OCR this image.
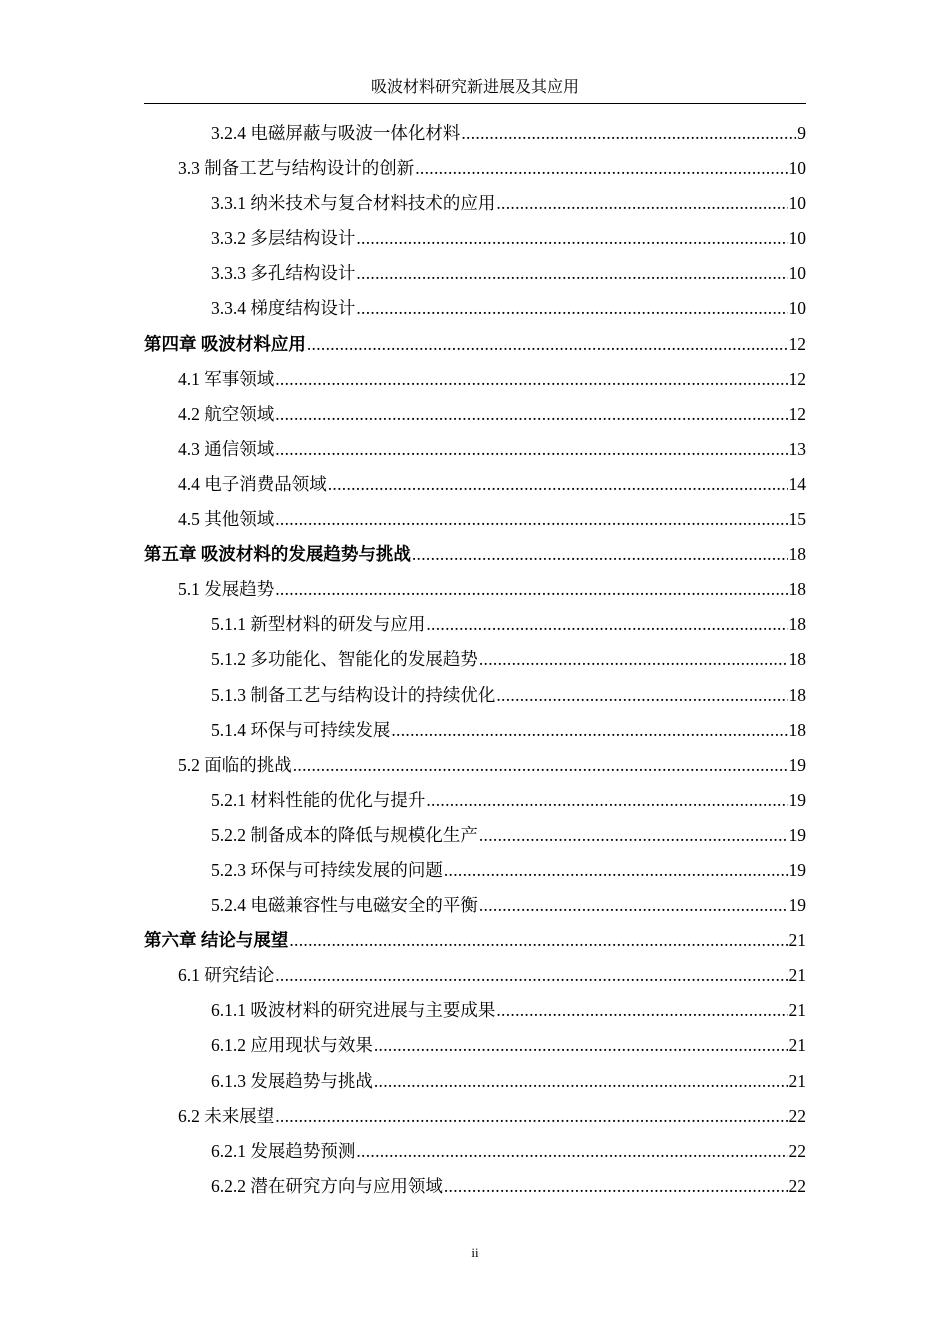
吸波材料研究新进展及其应用
3.2.4 电磁屏蔽与吸波一体化材料 .....	9
3.3 制备工艺与结构设计的创新 .....	10
3.3.1 纳米技术与复合材料技术的应用 .....	10
3.3.2 多层结构设计 .....	10
3.3.3 多孔结构设计 .....	10
3.3.4 梯度结构设计 .....	10
第四章 吸波材料应用 .....	12
4.1 军事领域 .....	12
4.2 航空领域 .....	12
4.3 通信领域 .....	13
4.4 电子消费品领域 .....	14
4.5 其他领域 .....	15
第五章 吸波材料的发展趋势与挑战 .....	18
5.1 发展趋势 .....	18
5.1.1 新型材料的研发与应用 .....	18
5.1.2 多功能化、智能化的发展趋势 .....	18
5.1.3 制备工艺与结构设计的持续优化 .....	18
5.1.4 环保与可持续发展 .....	18
5.2 面临的挑战 .....	19
5.2.1 材料性能的优化与提升 .....	19
5.2.2 制备成本的降低与规模化生产 .....	19
5.2.3 环保与可持续发展的问题 .....	19
5.2.4 电磁兼容性与电磁安全的平衡 .....	19
第六章 结论与展望 .....	21
6.1 研究结论 .....	21
6.1.1 吸波材料的研究进展与主要成果 .....	21
6.1.2 应用现状与效果 .....	21
6.1.3 发展趋势与挑战 .....	21
6.2 未来展望 .....	22
6.2.1 发展趋势预测 .....	22
6.2.2 潜在研究方向与应用领域 .....	22
ii
